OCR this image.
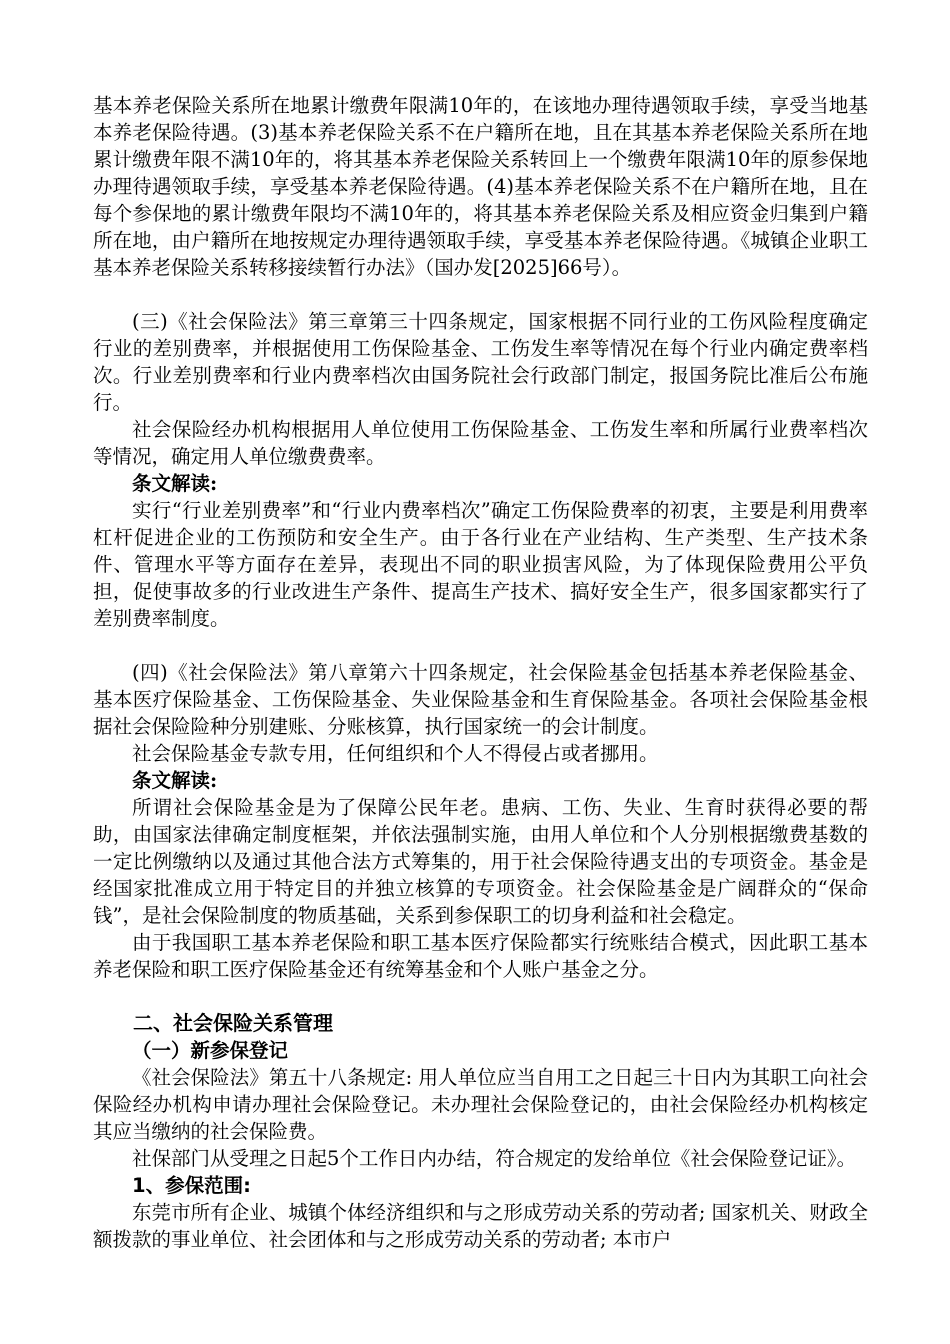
基本养老保险关系所在地累计缴费年限满10年的，在该地办理待遇领取手续，享受当地基本养老保险待遇。(3)基本养老保险关系不在户籍所在地，且在其基本养老保险关系所在地累计缴费年限不满10年的，将其基本养老保险关系转回上一个缴费年限满10年的原参保地办理待遇领取手续，享受基本养老保险待遇。(4)基本养老保险关系不在户籍所在地，且在每个参保地的累计缴费年限均不满10年的，将其基本养老保险关系及相应资金归集到户籍所在地，由户籍所在地按规定办理待遇领取手续，享受基本养老保险待遇。《城镇企业职工基本养老保险关系转移接续暂行办法》（国办发[2025]66号）。

(三)《社会保险法》第三章第三十四条规定，国家根据不同行业的工伤风险程度确定行业的差别费率，并根据使用工伤保险基金、工伤发生率等情况在每个行业内确定费率档次。行业差别费率和行业内费率档次由国务院社会行政部门制定，报国务院比准后公布施行。

社会保险经办机构根据用人单位使用工伤保险基金、工伤发生率和所属行业费率档次等情况，确定用人单位缴费费率。

条文解读:

实行“行业差别费率”和“行业内费率档次”确定工伤保险费率的初衷，主要是利用费率杠杆促进企业的工伤预防和安全生产。由于各行业在产业结构、生产类型、生产技术条件、管理水平等方面存在差异，表现出不同的职业损害风险，为了体现保险费用公平负担，促使事故多的行业改进生产条件、提高生产技术、搞好安全生产，很多国家都实行了差别费率制度。

(四)《社会保险法》第八章第六十四条规定，社会保险基金包括基本养老保险基金、基本医疗保险基金、工伤保险基金、失业保险基金和生育保险基金。各项社会保险基金根据社会保险险种分别建账、分账核算，执行国家统一的会计制度。

社会保险基金专款专用，任何组织和个人不得侵占或者挪用。

条文解读:

所谓社会保险基金是为了保障公民年老。患病、工伤、失业、生育时获得必要的帮助，由国家法律确定制度框架，并依法强制实施，由用人单位和个人分别根据缴费基数的一定比例缴纳以及通过其他合法方式筹集的，用于社会保险待遇支出的专项资金。基金是经国家批准成立用于特定目的并独立核算的专项资金。社会保险基金是广阔群众的“保命钱”，是社会保险制度的物质基础，关系到参保职工的切身利益和社会稳定。

由于我国职工基本养老保险和职工基本医疗保险都实行统账结合模式，因此职工基本养老保险和职工医疗保险基金还有统筹基金和个人账户基金之分。

二、社会保险关系管理

（一）新参保登记

《社会保险法》第五十八条规定: 用人单位应当自用工之日起三十日内为其职工向社会保险经办机构申请办理社会保险登记。未办理社会保险登记的，由社会保险经办机构核定其应当缴纳的社会保险费。

社保部门从受理之日起5个工作日内办结，符合规定的发给单位《社会保险登记证》。

1、参保范围:

东莞市所有企业、城镇个体经济组织和与之形成劳动关系的劳动者; 国家机关、财政全额拨款的事业单位、社会团体和与之形成劳动关系的劳动者; 本市户
